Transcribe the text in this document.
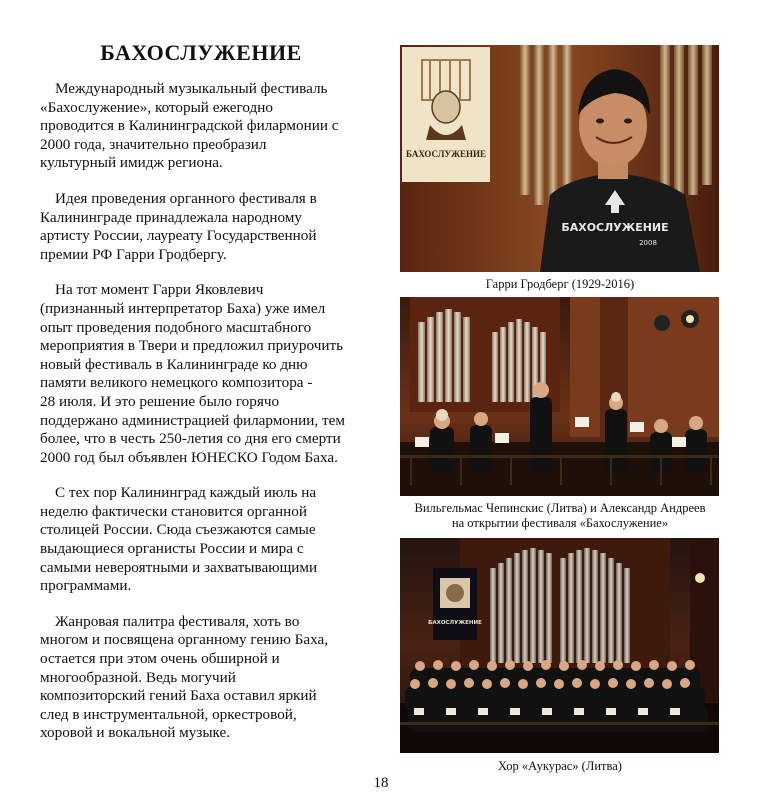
БАХОСЛУЖЕНИЕ

Международный музыкальный фестиваль
«Бахослужение», который ежегодно
проводится в Калининградской филармонии с
2000 года, значительно преобразил
культурный имидж региона.

Идея проведения органного фестиваля в
Калининграде принадлежала народному
артисту России, лауреату Государственной
премии РФ Гарри Гродбергу.

На тот момент Гарри Яковлевич
(признанный интерпретатор Баха) уже имел
опыт проведения подобного масштабного
мероприятия в Твери и предложил приурочить
новый фестиваль в Калининграде ко дню
памяти великого немецкого композитора -
28 июля. И это решение было горячо
поддержано администрацией филармонии, тем
более, что в честь 250-летия со дня его смерти
2000 год был объявлен ЮНЕСКО Годом Баха.

С тех пор Калининград каждый июль на
неделю фактически становится органной
столицей России. Сюда съезжаются самые
выдающиеся органисты России и мира с
самыми невероятными и захватывающими
программами.

Жанровая палитра фестиваля, хоть во
многом и посвящена органному гению Баха,
остается при этом очень обширной и
многообразной. Ведь могучий
композиторский гений Баха оставил яркий
след в инструментальной, оркестровой,
хоровой и вокальной музыке.

БАХОСЛУЖЕНИЕ
БАХОСЛУЖЕНИЕ
2008
Гарри Гродберг (1929-2016)
Вильгельмас Чепинскис (Литва) и Александр Андреев
на открытии фестиваля «Бахослужение»
БАХОСЛУЖЕНИЕ
Хор «Аукурас» (Литва)
18
